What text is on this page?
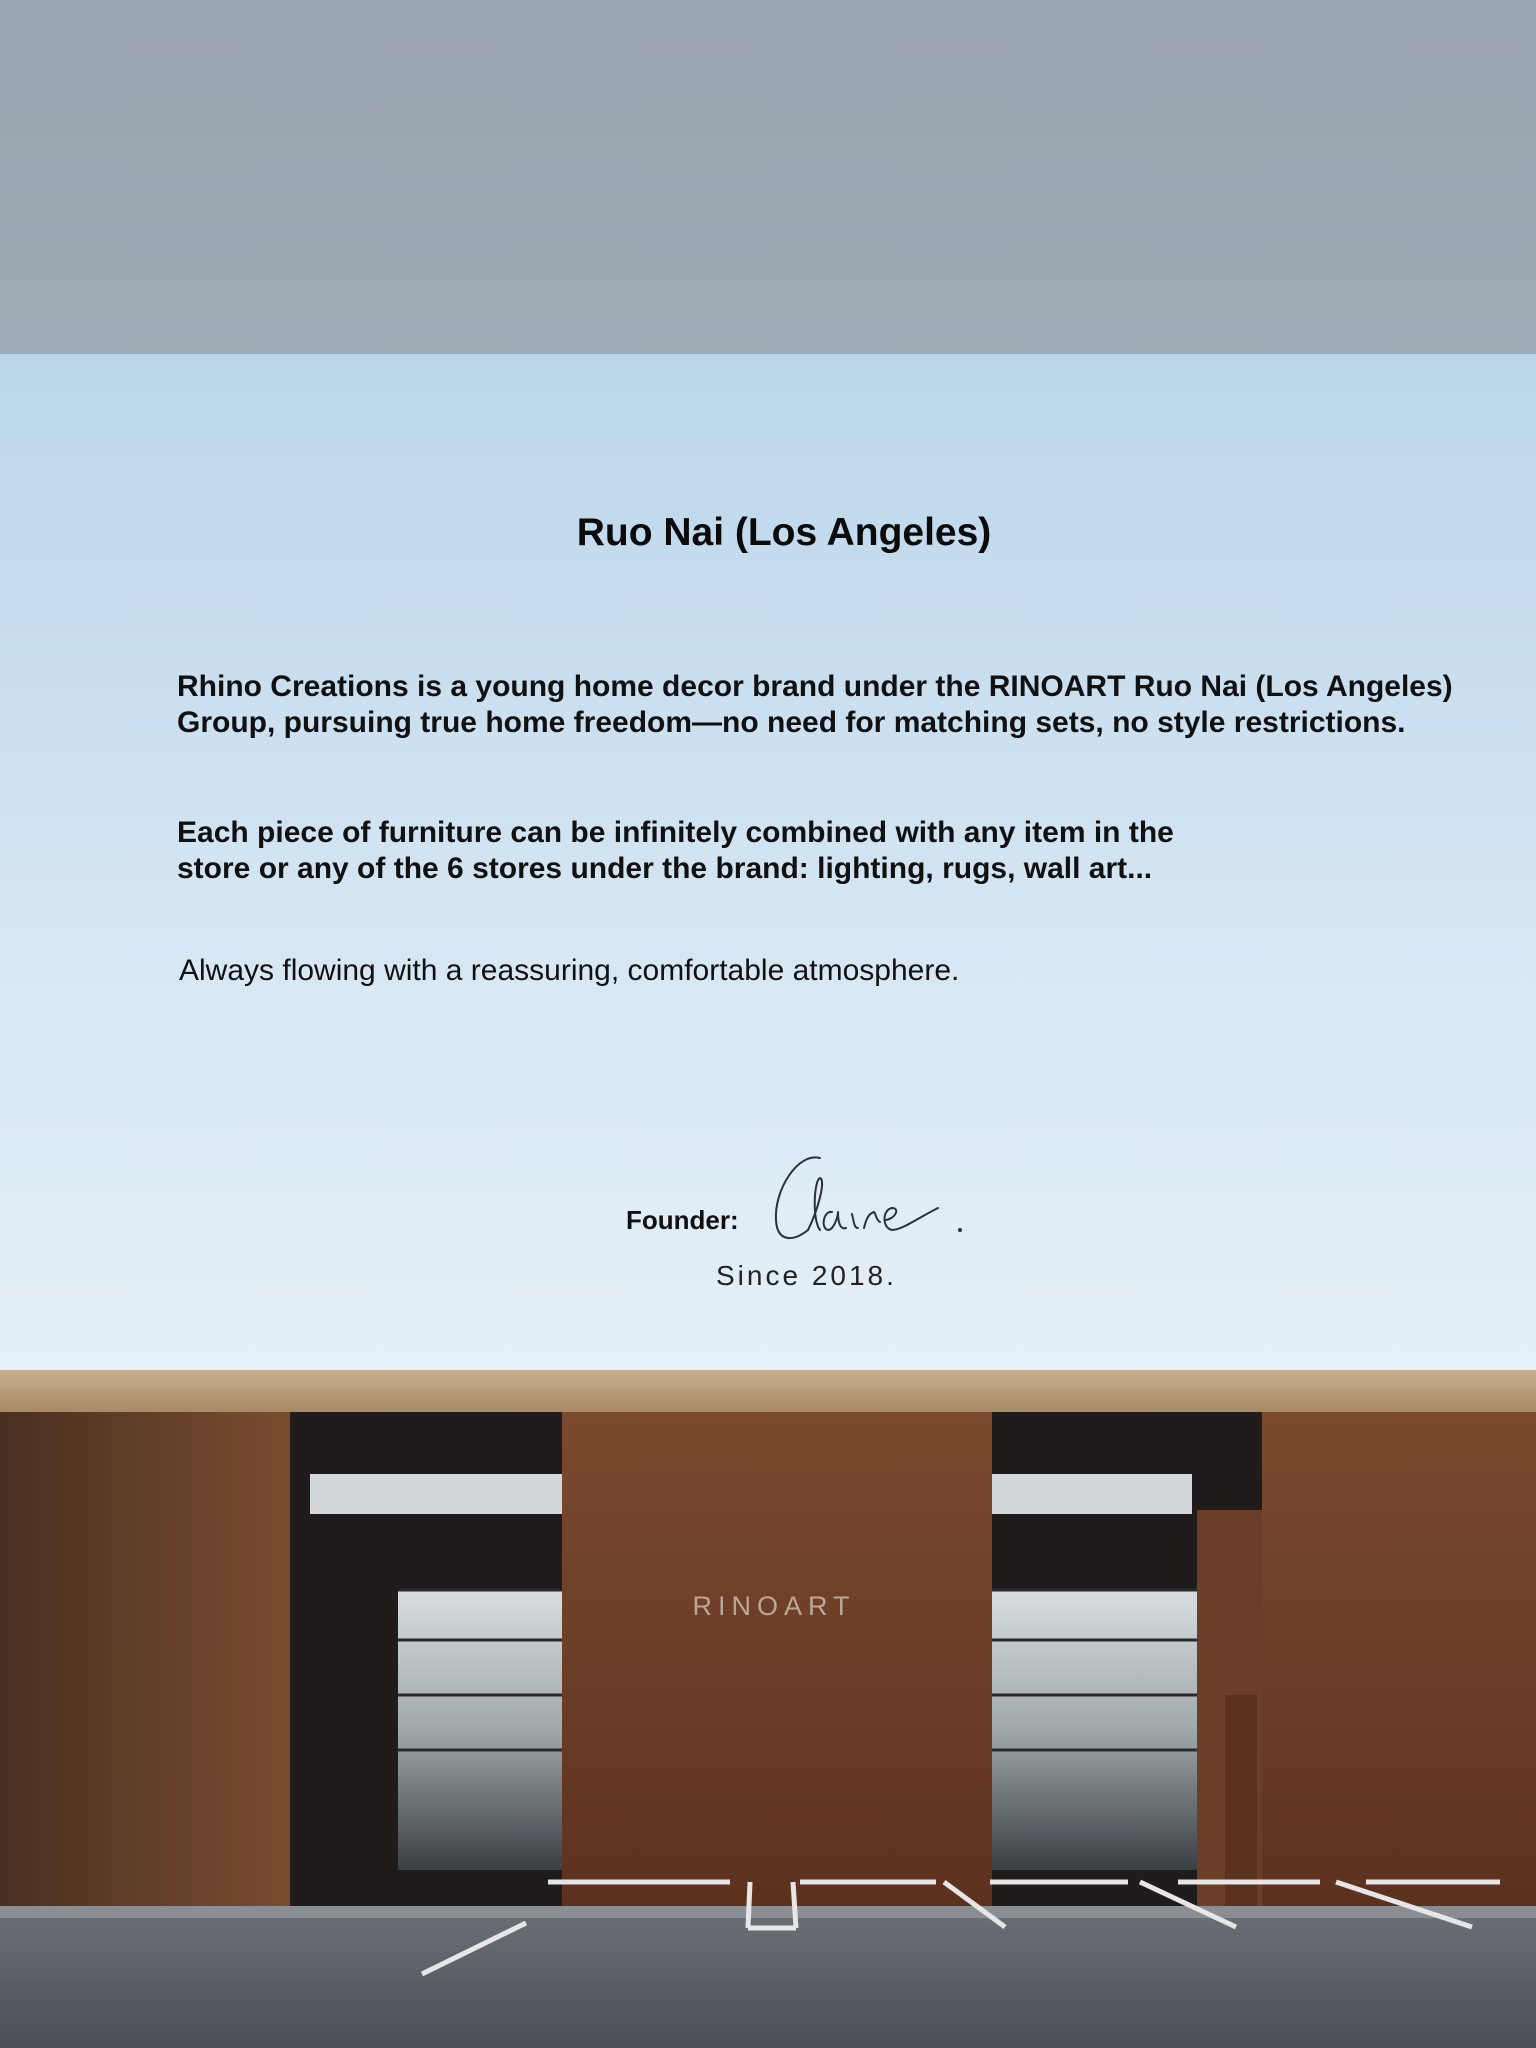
Ruo Nai (Los Angeles)

Rhino Creations is a young home decor brand under the RINOART Ruo Nai (Los Angeles)
Group, pursuing true home freedom—no need for matching sets, no style restrictions.

Each piece of furniture can be infinitely combined with any item in the
store or any of the 6 stores under the brand: lighting, rugs, wall art...

Always flowing with a reassuring, comfortable atmosphere.

Founder:
Since 2018.
RINOART
